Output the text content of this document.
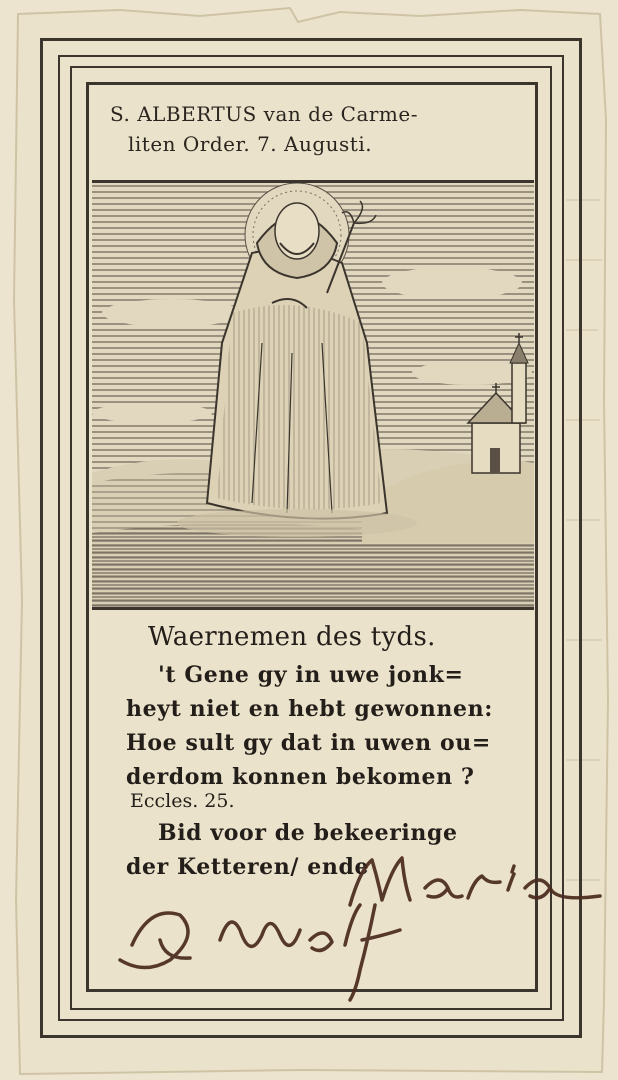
S. ALBERTUS van de Carme-
liten Order. 7. Augusti.
Waernemen des tyds.
't Gene gy in uwe jonk=
heyt niet en hebt gewonnen:
Hoe sult gy dat in uwen ou=
derdom konnen bekomen ?
Eccles. 25.
Bid voor de bekeeringe
der Ketteren/ ende
